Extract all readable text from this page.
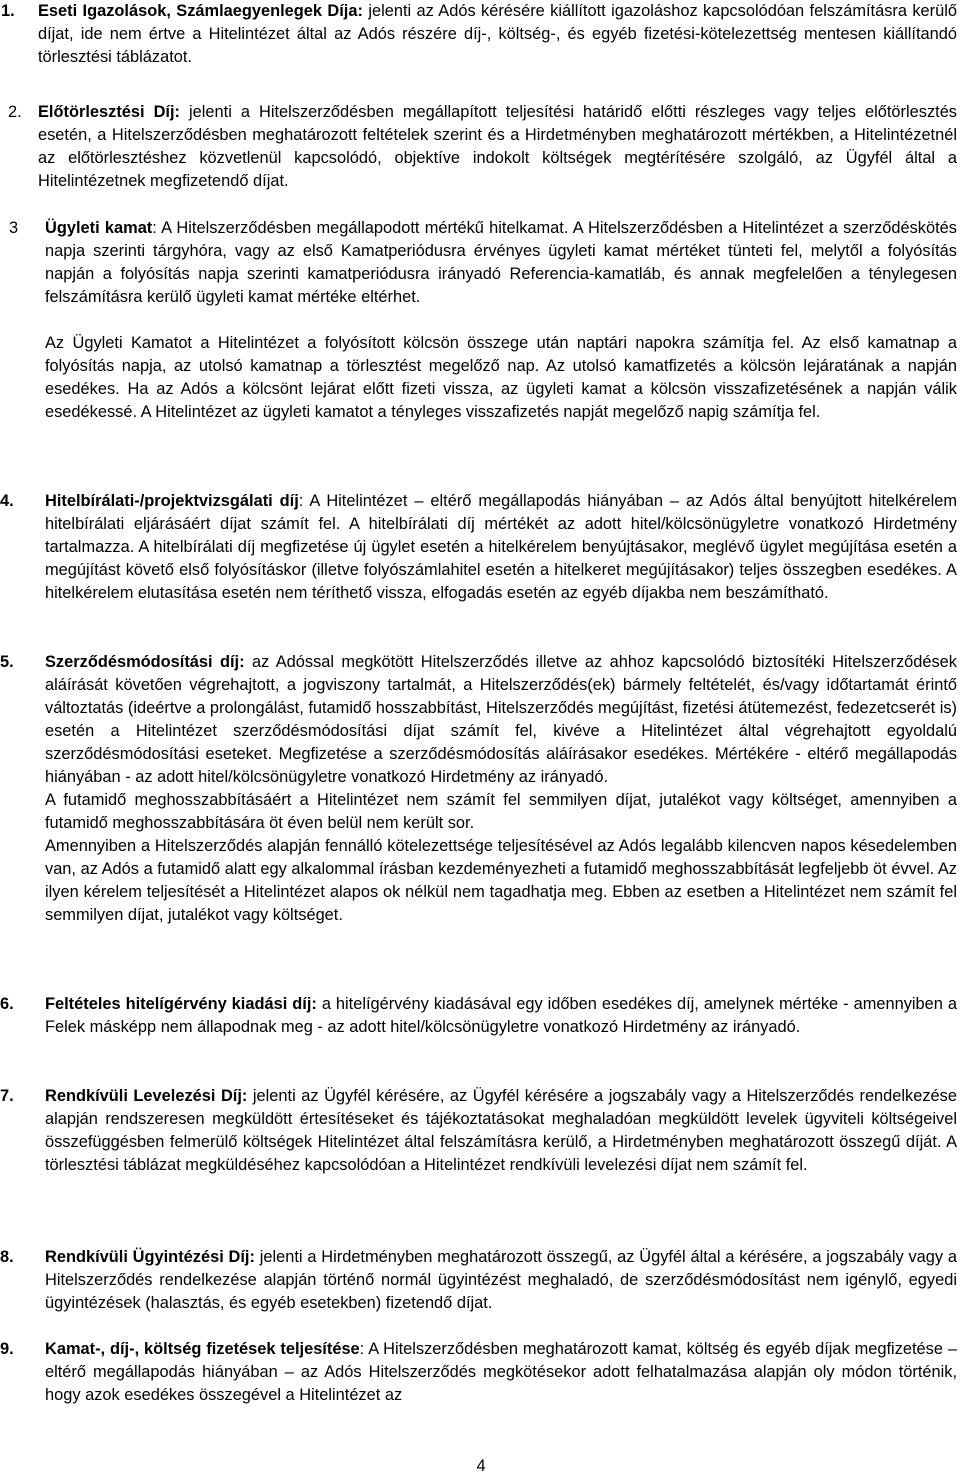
1. Eseti Igazolások, Számlaegyenlegek Díja: jelenti az Adós kérésére kiállított igazoláshoz kapcsolódóan felszámításra kerülő díjat, ide nem értve a Hitelintézet által az Adós részére díj-, költség-, és egyéb fizetési-kötelezettség mentesen kiállítandó törlesztési táblázatot.

2. Előtörlesztési Díj: jelenti a Hitelszerződésben megállapított teljesítési határidő előtti részleges vagy teljes előtörlesztés esetén, a Hitelszerződésben meghatározott feltételek szerint és a Hirdetményben meghatározott mértékben, a Hitelintézetnél az előtörlesztéshez közvetlenül kapcsolódó, objektíve indokolt költségek megtérítésére szolgáló, az Ügyfél által a Hitelintézetnek megfizetendő díjat.

3 Ügyleti kamat: A Hitelszerződésben megállapodott mértékű hitelkamat. A Hitelszerződésben a Hitelintézet a szerződéskötés napja szerinti tárgyhóra, vagy az első Kamatperiódusra érvényes ügyleti kamat mértéket tünteti fel, melytől a folyósítás napján a folyósítás napja szerinti kamatperiódusra irányadó Referencia-kamatláb, és annak megfelelően a ténylegesen felszámításra kerülő ügyleti kamat mértéke eltérhet.

Az Ügyleti Kamatot a Hitelintézet a folyósított kölcsön összege után naptári napokra számítja fel. Az első kamatnap a folyósítás napja, az utolsó kamatnap a törlesztést megelőző nap. Az utolsó kamatfizetés a kölcsön lejáratának a napján esedékes. Ha az Adós a kölcsönt lejárat előtt fizeti vissza, az ügyleti kamat a kölcsön visszafizetésének a napján válik esedékessé. A Hitelintézet az ügyleti kamatot a tényleges visszafizetés napját megelőző napig számítja fel.

4. Hitelbírálati-/projektvizsgálati díj: A Hitelintézet – eltérő megállapodás hiányában – az Adós által benyújtott hitelkérelem hitelbírálati eljárásáért díjat számít fel. A hitelbírálati díj mértékét az adott hitel/kölcsönügyletre vonatkozó Hirdetmény tartalmazza. A hitelbírálati díj megfizetése új ügylet esetén a hitelkérelem benyújtásakor, meglévő ügylet megújítása esetén a megújítást követő első folyósításkor (illetve folyószámlahitel esetén a hitelkeret megújításakor) teljes összegben esedékes. A hitelkérelem elutasítása esetén nem téríthető vissza, elfogadás esetén az egyéb díjakba nem beszámítható.

5. Szerződésmódosítási díj: az Adóssal megkötött Hitelszerződés illetve az ahhoz kapcsolódó biztosítéki Hitelszerződések aláírását követően végrehajtott, a jogviszony tartalmát, a Hitelszerződés(ek) bármely feltételét, és/vagy időtartamát érintő változtatás (ideértve a prolongálást, futamidő hosszabbítást, Hitelszerződés megújítást, fizetési átütemezést, fedezetcserét is) esetén a Hitelintézet szerződésmódosítási díjat számít fel, kivéve a Hitelintézet által végrehajtott egyoldalú szerződésmódosítási eseteket. Megfizetése a szerződésmódosítás aláírásakor esedékes. Mértékére - eltérő megállapodás hiányában - az adott hitel/kölcsönügyletre vonatkozó Hirdetmény az irányadó.

A futamidő meghosszabbításáért a Hitelintézet nem számít fel semmilyen díjat, jutalékot vagy költséget, amennyiben a futamidő meghosszabbítására öt éven belül nem került sor.

Amennyiben a Hitelszerződés alapján fennálló kötelezettsége teljesítésével az Adós legalább kilencven napos késedelemben van, az Adós a futamidő alatt egy alkalommal írásban kezdeményezheti a futamidő meghosszabbítását legfeljebb öt évvel. Az ilyen kérelem teljesítését a Hitelintézet alapos ok nélkül nem tagadhatja meg. Ebben az esetben a Hitelintézet nem számít fel semmilyen díjat, jutalékot vagy költséget.

6. Feltételes hitelígérvény kiadási díj: a hitelígérvény kiadásával egy időben esedékes díj, amelynek mértéke - amennyiben a Felek másképp nem állapodnak meg - az adott hitel/kölcsönügyletre vonatkozó Hirdetmény az irányadó.

7. Rendkívüli Levelezési Díj: jelenti az Ügyfél kérésére, az Ügyfél kérésére a jogszabály vagy a Hitelszerződés rendelkezése alapján rendszeresen megküldött értesítéseket és tájékoztatásokat meghaladóan megküldött levelek ügyviteli költségeivel összefüggésben felmerülő költségek Hitelintézet által felszámításra kerülő, a Hirdetményben meghatározott összegű díját. A törlesztési táblázat megküldéséhez kapcsolódóan a Hitelintézet rendkívüli levelezési díjat nem számít fel.

8. Rendkívüli Ügyintézési Díj: jelenti a Hirdetményben meghatározott összegű, az Ügyfél által a kérésére, a jogszabály vagy a Hitelszerződés rendelkezése alapján történő normál ügyintézést meghaladó, de szerződésmódosítást nem igénylő, egyedi ügyintézések (halasztás, és egyéb esetekben) fizetendő díjat.

9. Kamat-, díj-, költség fizetések teljesítése: A Hitelszerződésben meghatározott kamat, költség és egyéb díjak megfizetése – eltérő megállapodás hiányában – az Adós Hitelszerződés megkötésekor adott felhatalmazása alapján oly módon történik, hogy azok esedékes összegével a Hitelintézet az

4
